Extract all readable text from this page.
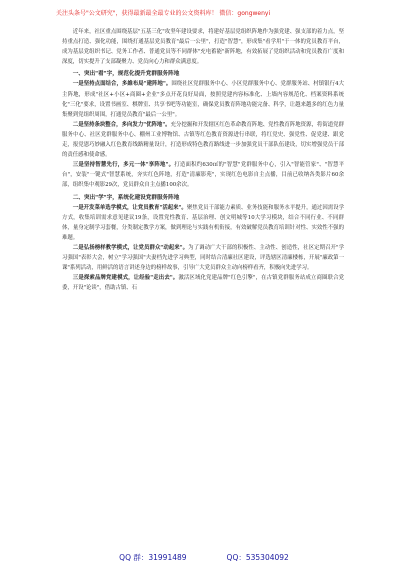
关注头条号"公文研究"，获得最新最全最专业的公文资料库！ 微信：gongwenyi

近年来，社区重点围绕基层"五基三化"攻坚年建设要求，将建好基层党组织阵地作为强党建、强支部的着力点，坚持重点打造、强化功能，围绕打通基层党员教育"最后一公里"，打造"智慧"，形成集"看学用"于一体的党员教育平台，成为基层党组织书记、党务工作者、普通党员等不同群体"充电蓄能"新阵地，有效拓展了党组织活动和党员教育广度和深度，切实提升了支部凝聚力、党员向心力和群众满意度。

一、突出"看"字，规范化提升党群服务阵地

一是坚持点面结合，多維布局"建阵地"。围绕社区党群服务中心、小区党群服务中心、党群服务站、村镇银行4大主阵地，形成"社区+小区+商圈+企业"多点开花良好局面，按照党建内容标准化、上墙内容规范化、档案资料系统化"三化"要求，设置书画室、棋牌室、共享书吧等功能室，确保党员教育阵地功能完备、科学，让越来越多的红色力量集聚到党组织周围，打通党员教育"最后一公里"。

二是坚持条块整合，多向发力"优阵地"。充分挖掘和开发辖区红色革命教育阵地、党性教育阵地资源，将街道党群服务中心、社区党群服务中心、棚州工业博物馆、古镇等红色教育资源进行串联，将红党史、强党性、促党建、跟党走，报党恩巧妙融入红色教育线路精量设计，打造形成特色教育路线进一步加强党员干部队伍建设，切实增强党员干部的责任感和使命感。

三是坚持智慧先行，多元一体"享阵地"。打造面积约630㎡的"智慧"党群服务中心，引入"智能管家"、"智慧平台"，安装"一键式"智慧系统，夯实红色阵地，打造"清廉影苑"，实现红色电影自主点播，目前已收纳各类影片60余部，组织集中观影29次，党员群众自主点播100余次。

二、突出"学"字，系统化建设党群服务阵地

一是开发菜单选学模式，让党员教育"活起来"。聚焦党员干部能力素质、业务技能和服务水平提升，通过因需设学方式，收集培训需求意见建议19条，设置党性教育、基层治理、创文明城等10大学习模块，结合不同行业、不同群体，量身定制学习套餐，分类制定教学方案，做到理论与实践有机衔接，有效破解党员教育培训针对性、实效性不强的难题。

二是弘扬榜样教学模式，让党员群众"动起来"。为了调动广大干部的积极性、主动性、创造性，社区定期召开"学习强国"表彰大会，树立"学习强国"夫妻档先进学习典型，同时结合清廉社区建设，评选辖区清廉楼栋，开展"廉政第一课"系列活动，用鲜活的语言讲述身边的榜样故事，引导广大党员群众主动向榜样看齐，积极向先进学习。

三是探索品牌党建模式，让经验"走出去"。激活区域化党建品牌"红色引擎"，在古镇党群服务站成立商圈联合党委，开设"论谈"，借助古镇、石

QQ 群：31991489	QQ：535304092
